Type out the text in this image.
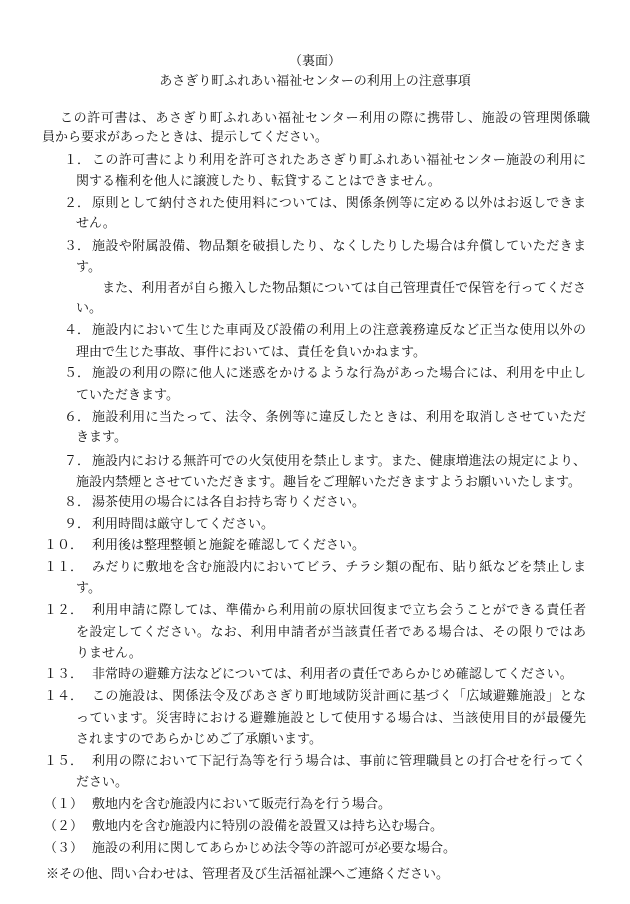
（裏面）
あさぎり町ふれあい福祉センターの利用上の注意事項
この許可書は、あさぎり町ふれあい福祉センター利用の際に携帯し、施設の管理関係職
員から要求があったときは、提示してください。
１． この許可書により利用を許可されたあさぎり町ふれあい福祉センター施設の利用に
関する権利を他人に譲渡したり、転貸することはできません。
２． 原則として納付された使用料については、関係条例等に定める以外はお返しできま
せん。
３． 施設や附属設備、物品類を破損したり、なくしたりした場合は弁償していただきま
す。
また、利用者が自ら搬入した物品類については自己管理責任で保管を行ってくださ
い。
４． 施設内において生じた車両及び設備の利用上の注意義務違反など正当な使用以外の
理由で生じた事故、事件においては、責任を負いかねます。
５． 施設の利用の際に他人に迷惑をかけるような行為があった場合には、利用を中止し
ていただきます。
６． 施設利用に当たって、法令、条例等に違反したときは、利用を取消しさせていただ
きます。
７． 施設内における無許可での火気使用を禁止します。また、健康増進法の規定により、
施設内禁煙とさせていただきます。趣旨をご理解いただきますようお願いいたします。
８． 湯茶使用の場合には各自お持ち寄りください。
９． 利用時間は厳守してください。
１０． 利用後は整理整頓と施錠を確認してください。
１１． みだりに敷地を含む施設内においてビラ、チラシ類の配布、貼り紙などを禁止しま
す。
１２． 利用申請に際しては、準備から利用前の原状回復まで立ち会うことができる責任者
を設定してください。なお、利用申請者が当該責任者である場合は、その限りではあ
りません。
１３． 非常時の避難方法などについては、利用者の責任であらかじめ確認してください。
１４． この施設は、関係法令及びあさぎり町地域防災計画に基づく「広域避難施設」とな
っています。災害時における避難施設として使用する場合は、当該使用目的が最優先
されますのであらかじめご了承願います。
１５． 利用の際において下記行為等を行う場合は、事前に管理職員との打合せを行ってく
ださい。
（１） 敷地内を含む施設内において販売行為を行う場合。
（２） 敷地内を含む施設内に特別の設備を設置又は持ち込む場合。
（３） 施設の利用に関してあらかじめ法令等の許認可が必要な場合。
※その他、問い合わせは、管理者及び生活福祉課へご連絡ください。
